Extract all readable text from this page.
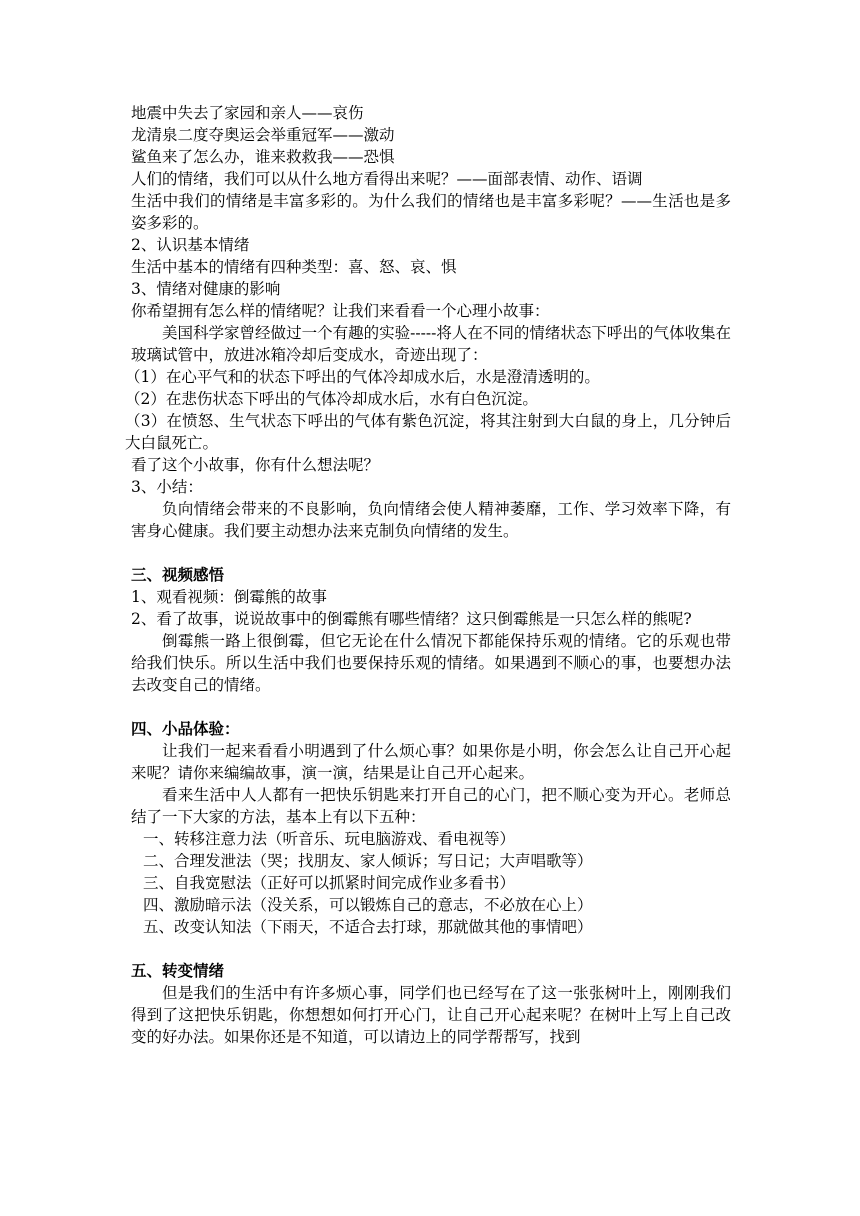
地震中失去了家园和亲人——哀伤

龙清泉二度夺奥运会举重冠军——激动

鲨鱼来了怎么办，谁来救救我——恐惧

人们的情绪，我们可以从什么地方看得出来呢？——面部表情、动作、语调

生活中我们的情绪是丰富多彩的。为什么我们的情绪也是丰富多彩呢？——生活也是多姿多彩的。

2、认识基本情绪

生活中基本的情绪有四种类型：喜、怒、哀、惧

3、情绪对健康的影响

你希望拥有怎么样的情绪呢？让我们来看看一个心理小故事：

美国科学家曾经做过一个有趣的实验-----将人在不同的情绪状态下呼出的气体收集在玻璃试管中，放进冰箱冷却后变成水，奇迹出现了：

（1）在心平气和的状态下呼出的气体冷却成水后，水是澄清透明的。

（2）在悲伤状态下呼出的气体冷却成水后，水有白色沉淀。

（3）在愤怒、生气状态下呼出的气体有紫色沉淀，将其注射到大白鼠的身上，几分钟后大白鼠死亡。

看了这个小故事，你有什么想法呢？

3、小结：

负向情绪会带来的不良影响，负向情绪会使人精神萎靡，工作、学习效率下降，有害身心健康。我们要主动想办法来克制负向情绪的发生。

三、视频感悟

1、观看视频：倒霉熊的故事

2、看了故事，说说故事中的倒霉熊有哪些情绪？这只倒霉熊是一只怎么样的熊呢?

倒霉熊一路上很倒霉，但它无论在什么情况下都能保持乐观的情绪。它的乐观也带给我们快乐。所以生活中我们也要保持乐观的情绪。如果遇到不顺心的事，也要想办法去改变自己的情绪。

四、小品体验：

让我们一起来看看小明遇到了什么烦心事？如果你是小明，你会怎么让自己开心起来呢？请你来编编故事，演一演，结果是让自己开心起来。

看来生活中人人都有一把快乐钥匙来打开自己的心门，把不顺心变为开心。老师总结了一下大家的方法，基本上有以下五种：

一、转移注意力法（听音乐、玩电脑游戏、看电视等）

二、合理发泄法（哭；找朋友、家人倾诉；写日记；大声唱歌等）

三、自我宽慰法（正好可以抓紧时间完成作业多看书）

四、激励暗示法（没关系，可以锻炼自己的意志，不必放在心上）

五、改变认知法（下雨天，不适合去打球，那就做其他的事情吧）

五、转变情绪

但是我们的生活中有许多烦心事，同学们也已经写在了这一张张树叶上，刚刚我们得到了这把快乐钥匙，你想想如何打开心门，让自己开心起来呢？在树叶上写上自己改变的好办法。如果你还是不知道，可以请边上的同学帮帮写，找到
